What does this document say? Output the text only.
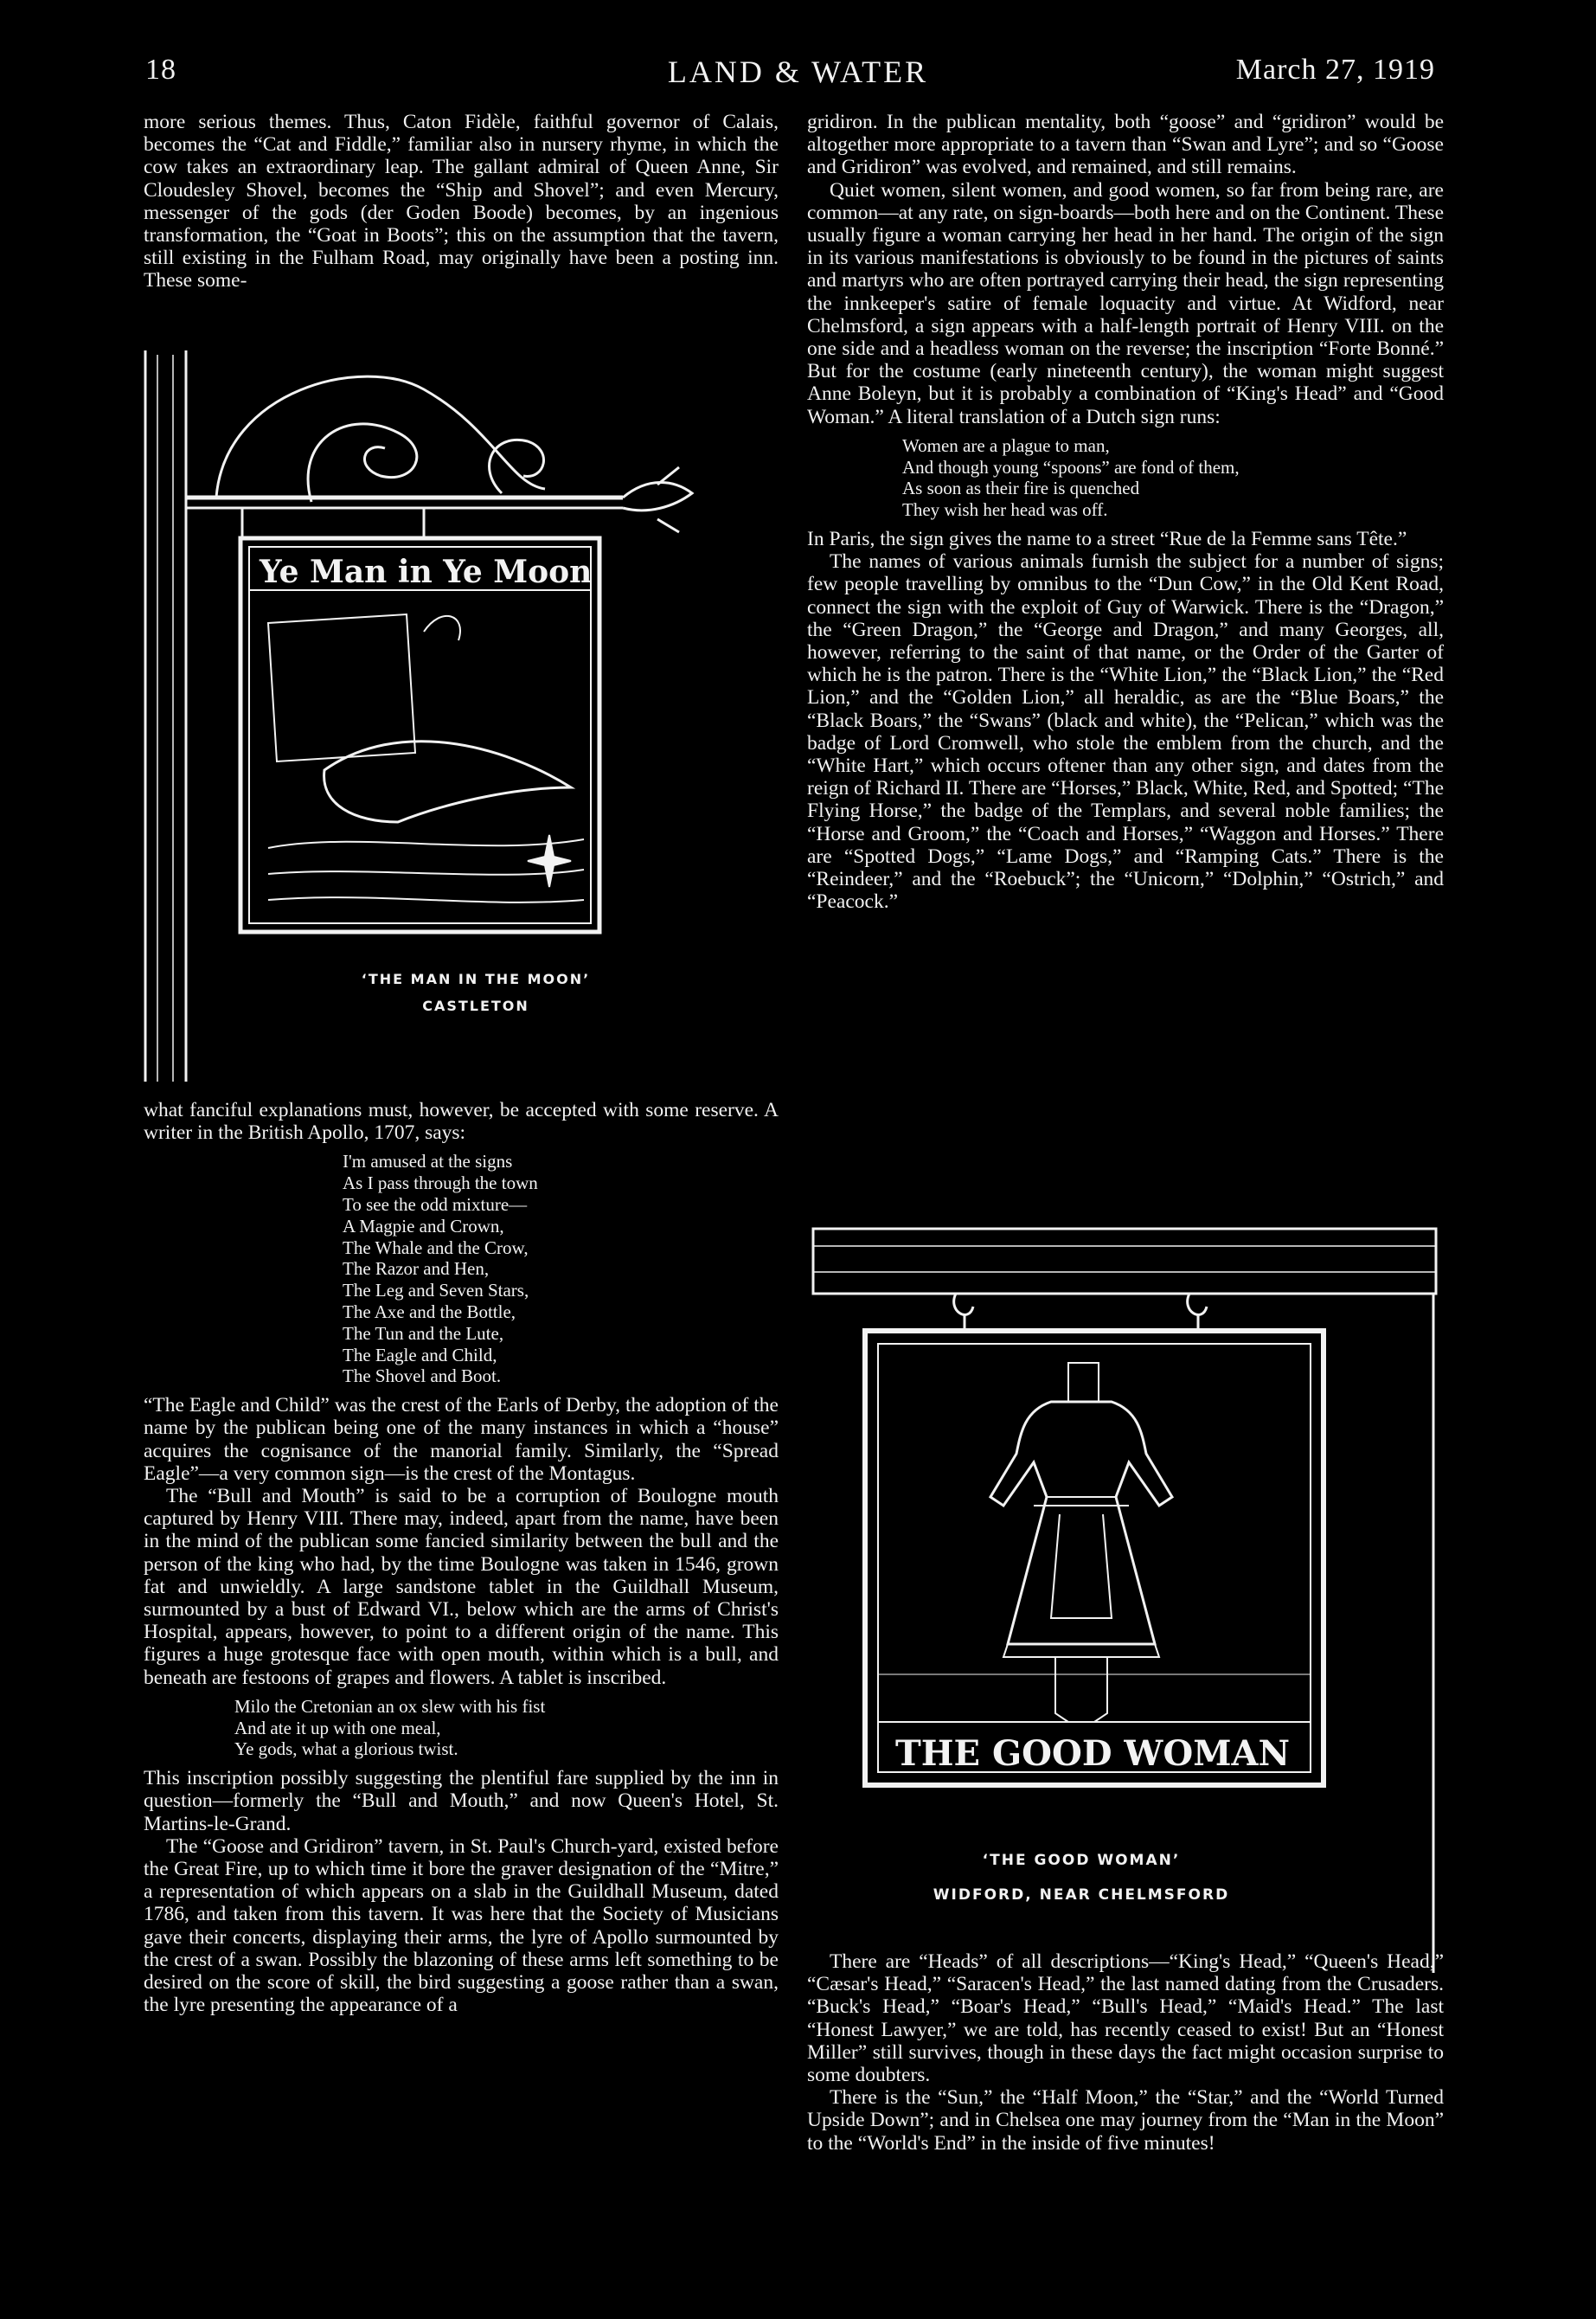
18	LAND & WATER	March 27, 1919

more serious themes. Thus, Caton Fidèle, faithful governor of Calais, becomes the “Cat and Fiddle,” familiar also in nursery rhyme, in which the cow takes an extraordinary leap. The gallant admiral of Queen Anne, Sir Cloudesley Shovel, becomes the “Ship and Shovel”; and even Mercury, messenger of the gods (der Goden Boode) becomes, by an ingenious transformation, the “Goat in Boots”; this on the assumption that the tavern, still existing in the Fulham Road, may originally have been a posting inn. These some-

Ye Man in Ye Moon
‘THE MAN IN THE MOON’
CASTLETON

what fanciful explanations must, however, be accepted with some reserve. A writer in the British Apollo, 1707, says:

I'm amused at the signs
As I pass through the town
To see the odd mixture—
A Magpie and Crown,
The Whale and the Crow,
The Razor and Hen,
The Leg and Seven Stars,
The Axe and the Bottle,
The Tun and the Lute,
The Eagle and Child,
The Shovel and Boot.

“The Eagle and Child” was the crest of the Earls of Derby, the adoption of the name by the publican being one of the many instances in which a “house” acquires the cognisance of the manorial family. Similarly, the “Spread Eagle”—a very common sign—is the crest of the Montagus.

The “Bull and Mouth” is said to be a corruption of Boulogne mouth captured by Henry VIII. There may, indeed, apart from the name, have been in the mind of the publican some fancied similarity between the bull and the person of the king who had, by the time Boulogne was taken in 1546, grown fat and unwieldly. A large sandstone tablet in the Guildhall Museum, surmounted by a bust of Edward VI., below which are the arms of Christ's Hospital, appears, however, to point to a different origin of the name. This figures a huge grotesque face with open mouth, within which is a bull, and beneath are festoons of grapes and flowers. A tablet is inscribed.

Milo the Cretonian an ox slew with his fist
And ate it up with one meal,
Ye gods, what a glorious twist.

This inscription possibly suggesting the plentiful fare supplied by the inn in question—formerly the “Bull and Mouth,” and now Queen's Hotel, St. Martins-le-Grand.

The “Goose and Gridiron” tavern, in St. Paul's Church-yard, existed before the Great Fire, up to which time it bore the graver designation of the “Mitre,” a representation of which appears on a slab in the Guildhall Museum, dated 1786, and taken from this tavern. It was here that the Society of Musicians gave their concerts, displaying their arms, the lyre of Apollo surmounted by the crest of a swan. Possibly the blazoning of these arms left something to be desired on the score of skill, the bird suggesting a goose rather than a swan, the lyre presenting the appearance of a

gridiron. In the publican mentality, both “goose” and “gridiron” would be altogether more appropriate to a tavern than “Swan and Lyre”; and so “Goose and Gridiron” was evolved, and remained, and still remains.

Quiet women, silent women, and good women, so far from being rare, are common—at any rate, on sign-boards—both here and on the Continent. These usually figure a woman carrying her head in her hand. The origin of the sign in its various manifestations is obviously to be found in the pictures of saints and martyrs who are often portrayed carrying their head, the sign representing the innkeeper's satire of female loquacity and virtue. At Widford, near Chelmsford, a sign appears with a half-length portrait of Henry VIII. on the one side and a headless woman on the reverse; the inscription “Forte Bonné.” But for the costume (early nineteenth century), the woman might suggest Anne Boleyn, but it is probably a combination of “King's Head” and “Good Woman.” A literal translation of a Dutch sign runs:

Women are a plague to man,
And though young “spoons” are fond of them,
As soon as their fire is quenched
They wish her head was off.

In Paris, the sign gives the name to a street “Rue de la Femme sans Tête.”

The names of various animals furnish the subject for a number of signs; few people travelling by omnibus to the “Dun Cow,” in the Old Kent Road, connect the sign with the exploit of Guy of Warwick. There is the “Dragon,” the “Green Dragon,” the “George and Dragon,” and many Georges, all, however, referring to the saint of that name, or the Order of the Garter of which he is the patron. There is the “White Lion,” the “Black Lion,” the “Red Lion,” and the “Golden Lion,” all heraldic, as are the “Blue Boars,” the “Black Boars,” the “Swans” (black and white), the “Pelican,” which was the badge of Lord Cromwell, who stole the emblem from the church, and the “White Hart,” which occurs oftener than any other sign, and dates from the reign of Richard II. There are “Horses,” Black, White, Red, and Spotted; “The Flying Horse,” the badge of the Templars, and several noble families; the “Horse and Groom,” the “Coach and Horses,” “Waggon and Horses.” There are “Spotted Dogs,” “Lame Dogs,” and “Ramping Cats.” There is the “Reindeer,” and the “Roebuck”; the “Unicorn,” “Dolphin,” “Ostrich,” and “Peacock.”

THE GOOD WOMAN
‘THE GOOD WOMAN’
WIDFORD, NEAR CHELMSFORD

There are “Heads” of all descriptions—“King's Head,” “Queen's Head,” “Cæsar's Head,” “Saracen's Head,” the last named dating from the Crusaders. “Buck's Head,” “Boar's Head,” “Bull's Head,” “Maid's Head.” The last “Honest Lawyer,” we are told, has recently ceased to exist! But an “Honest Miller” still survives, though in these days the fact might occasion surprise to some doubters.

There is the “Sun,” the “Half Moon,” the “Star,” and the “World Turned Upside Down”; and in Chelsea one may journey from the “Man in the Moon” to the “World's End” in the inside of five minutes!
